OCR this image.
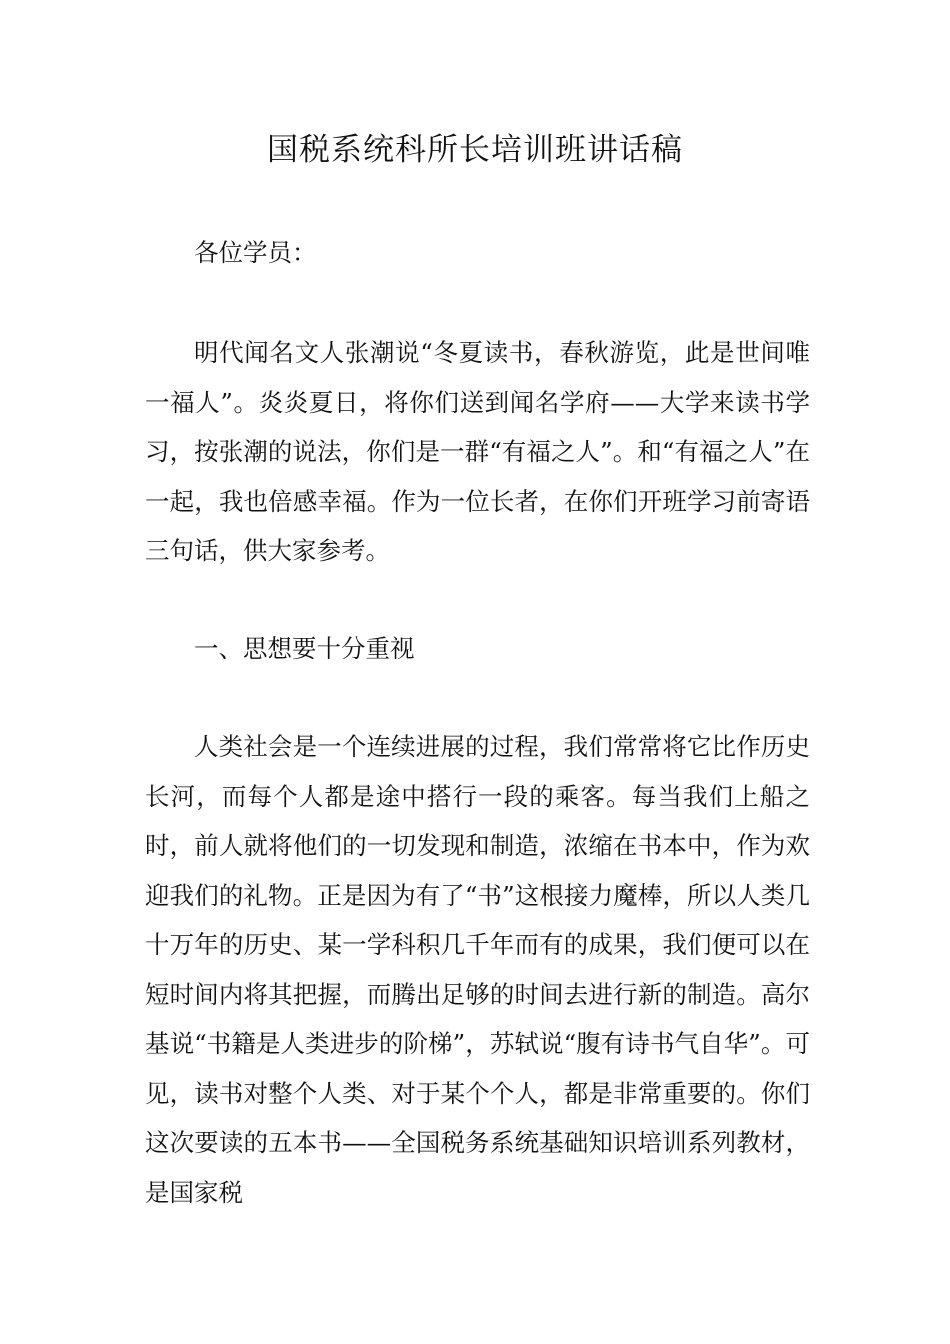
国税系统科所长培训班讲话稿

各位学员：

明代闻名文人张潮说“冬夏读书，春秋游览，此是世间唯一福人”。炎炎夏日，将你们送到闻名学府——大学来读书学习，按张潮的说法，你们是一群“有福之人”。和“有福之人”在一起，我也倍感幸福。作为一位长者，在你们开班学习前寄语三句话，供大家参考。

一、思想要十分重视

人类社会是一个连续进展的过程，我们常常将它比作历史长河，而每个人都是途中搭行一段的乘客。每当我们上船之时，前人就将他们的一切发现和制造，浓缩在书本中，作为欢迎我们的礼物。正是因为有了“书”这根接力魔棒，所以人类几十万年的历史、某一学科积几千年而有的成果，我们便可以在短时间内将其把握，而腾出足够的时间去进行新的制造。高尔基说“书籍是人类进步的阶梯”，苏轼说“腹有诗书气自华”。可见，读书对整个人类、对于某个个人，都是非常重要的。你们这次要读的五本书——全国税务系统基础知识培训系列教材，是国家税
